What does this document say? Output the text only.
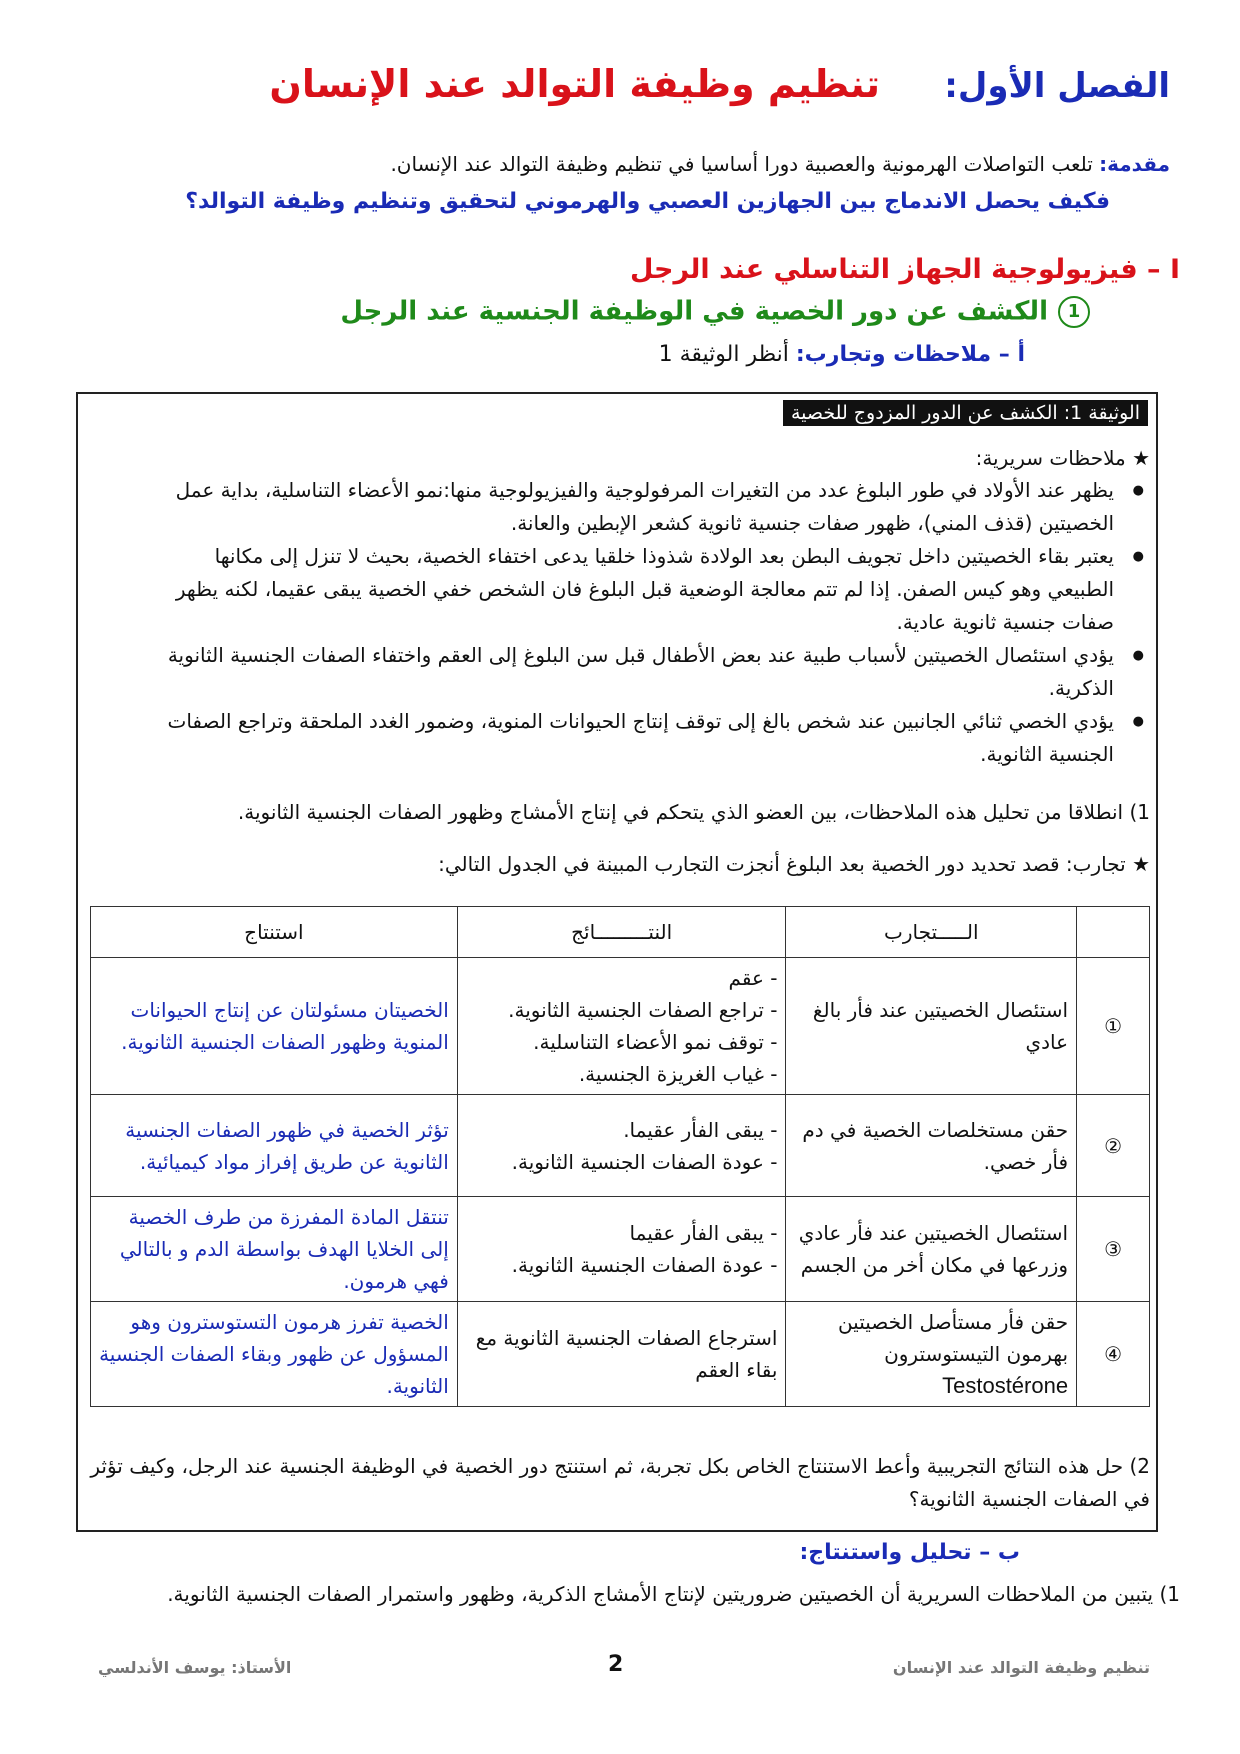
الفصل الأول:
تنظيم وظيفة التوالد عند الإنسان
مقدمة: تلعب التواصلات الهرمونية والعصبية دورا أساسيا في تنظيم وظيفة التوالد عند الإنسان.
فكيف يحصل الاندماج بين الجهازين العصبي والهرموني لتحقيق وتنظيم وظيفة التوالد؟
I – فيزيولوجية الجهاز التناسلي عند الرجل
1الكشف عن دور الخصية في الوظيفة الجنسية عند الرجل
أ – ملاحظات وتجارب: أنظر الوثيقة 1
الوثيقة 1: الكشف عن الدور المزدوج للخصية
★ ملاحظات سريرية:
● يظهر عند الأولاد في طور البلوغ عدد من التغيرات المرفولوجية والفيزيولوجية منها:نمو الأعضاء التناسلية، بداية عمل الخصيتين (قذف المني)، ظهور صفات جنسية ثانوية كشعر الإبطين والعانة.
● يعتبر بقاء الخصيتين داخل تجويف البطن بعد الولادة شذوذا خلقيا يدعى اختفاء الخصية، بحيث لا تنزل إلى مكانها الطبيعي وهو كيس الصفن. إذا لم تتم معالجة الوضعية قبل البلوغ فان الشخص خفي الخصية يبقى عقيما، لكنه يظهر صفات جنسية ثانوية عادية.
● يؤدي استئصال الخصيتين لأسباب طبية عند بعض الأطفال قبل سن البلوغ إلى العقم واختفاء الصفات الجنسية الثانوية الذكرية.
● يؤدي الخصي ثنائي الجانبين عند شخص بالغ إلى توقف إنتاج الحيوانات المنوية، وضمور الغدد الملحقة وتراجع الصفات الجنسية الثانوية.
1) انطلاقا من تحليل هذه الملاحظات، بين العضو الذي يتحكم في إنتاج الأمشاج وظهور الصفات الجنسية الثانوية.
★ تجارب: قصد تحديد دور الخصية بعد البلوغ أنجزت التجارب المبينة في الجدول التالي:
	الـــــتجارب	النتـــــــــائج	استنتاج
①	استئصال الخصيتين عند فأر بالغ عادي	- عقم
- تراجع الصفات الجنسية الثانوية.
- توقف نمو الأعضاء التناسلية.
- غياب الغريزة الجنسية.	الخصيتان مسئولتان عن إنتاج الحيوانات المنوية وظهور الصفات الجنسية الثانوية.
②	حقن مستخلصات الخصية في دم فأر خصي.	- يبقى الفأر عقيما.
- عودة الصفات الجنسية الثانوية.	تؤثر الخصية في ظهور الصفات الجنسية الثانوية عن طريق إفراز مواد كيميائية.
③	استئصال الخصيتين عند فأر عادي وزرعها في مكان أخر من الجسم	- يبقى الفأر عقيما
- عودة الصفات الجنسية الثانوية.	تنتقل المادة المفرزة من طرف الخصية إلى الخلايا الهدف بواسطة الدم و بالتالي فهي هرمون.
④	حقن فأر مستأصل الخصيتين بهرمون التيستوسترون
Testostérone	استرجاع الصفات الجنسية الثانوية مع بقاء العقم	الخصية تفرز هرمون التستوسترون وهو المسؤول عن ظهور وبقاء الصفات الجنسية الثانوية.
2) حل هذه النتائج التجريبية وأعط الاستنتاج الخاص بكل تجربة، ثم استنتج دور الخصية في الوظيفة الجنسية عند الرجل، وكيف تؤثر في الصفات الجنسية الثانوية؟
ب – تحليل واستنتاج:
1) يتبين من الملاحظات السريرية أن الخصيتين ضروريتين لإنتاج الأمشاج الذكرية، وظهور واستمرار الصفات الجنسية الثانوية.
تنظيم وظيفة التوالد عند الإنسان
2
الأستاذ: يوسف الأندلسي
